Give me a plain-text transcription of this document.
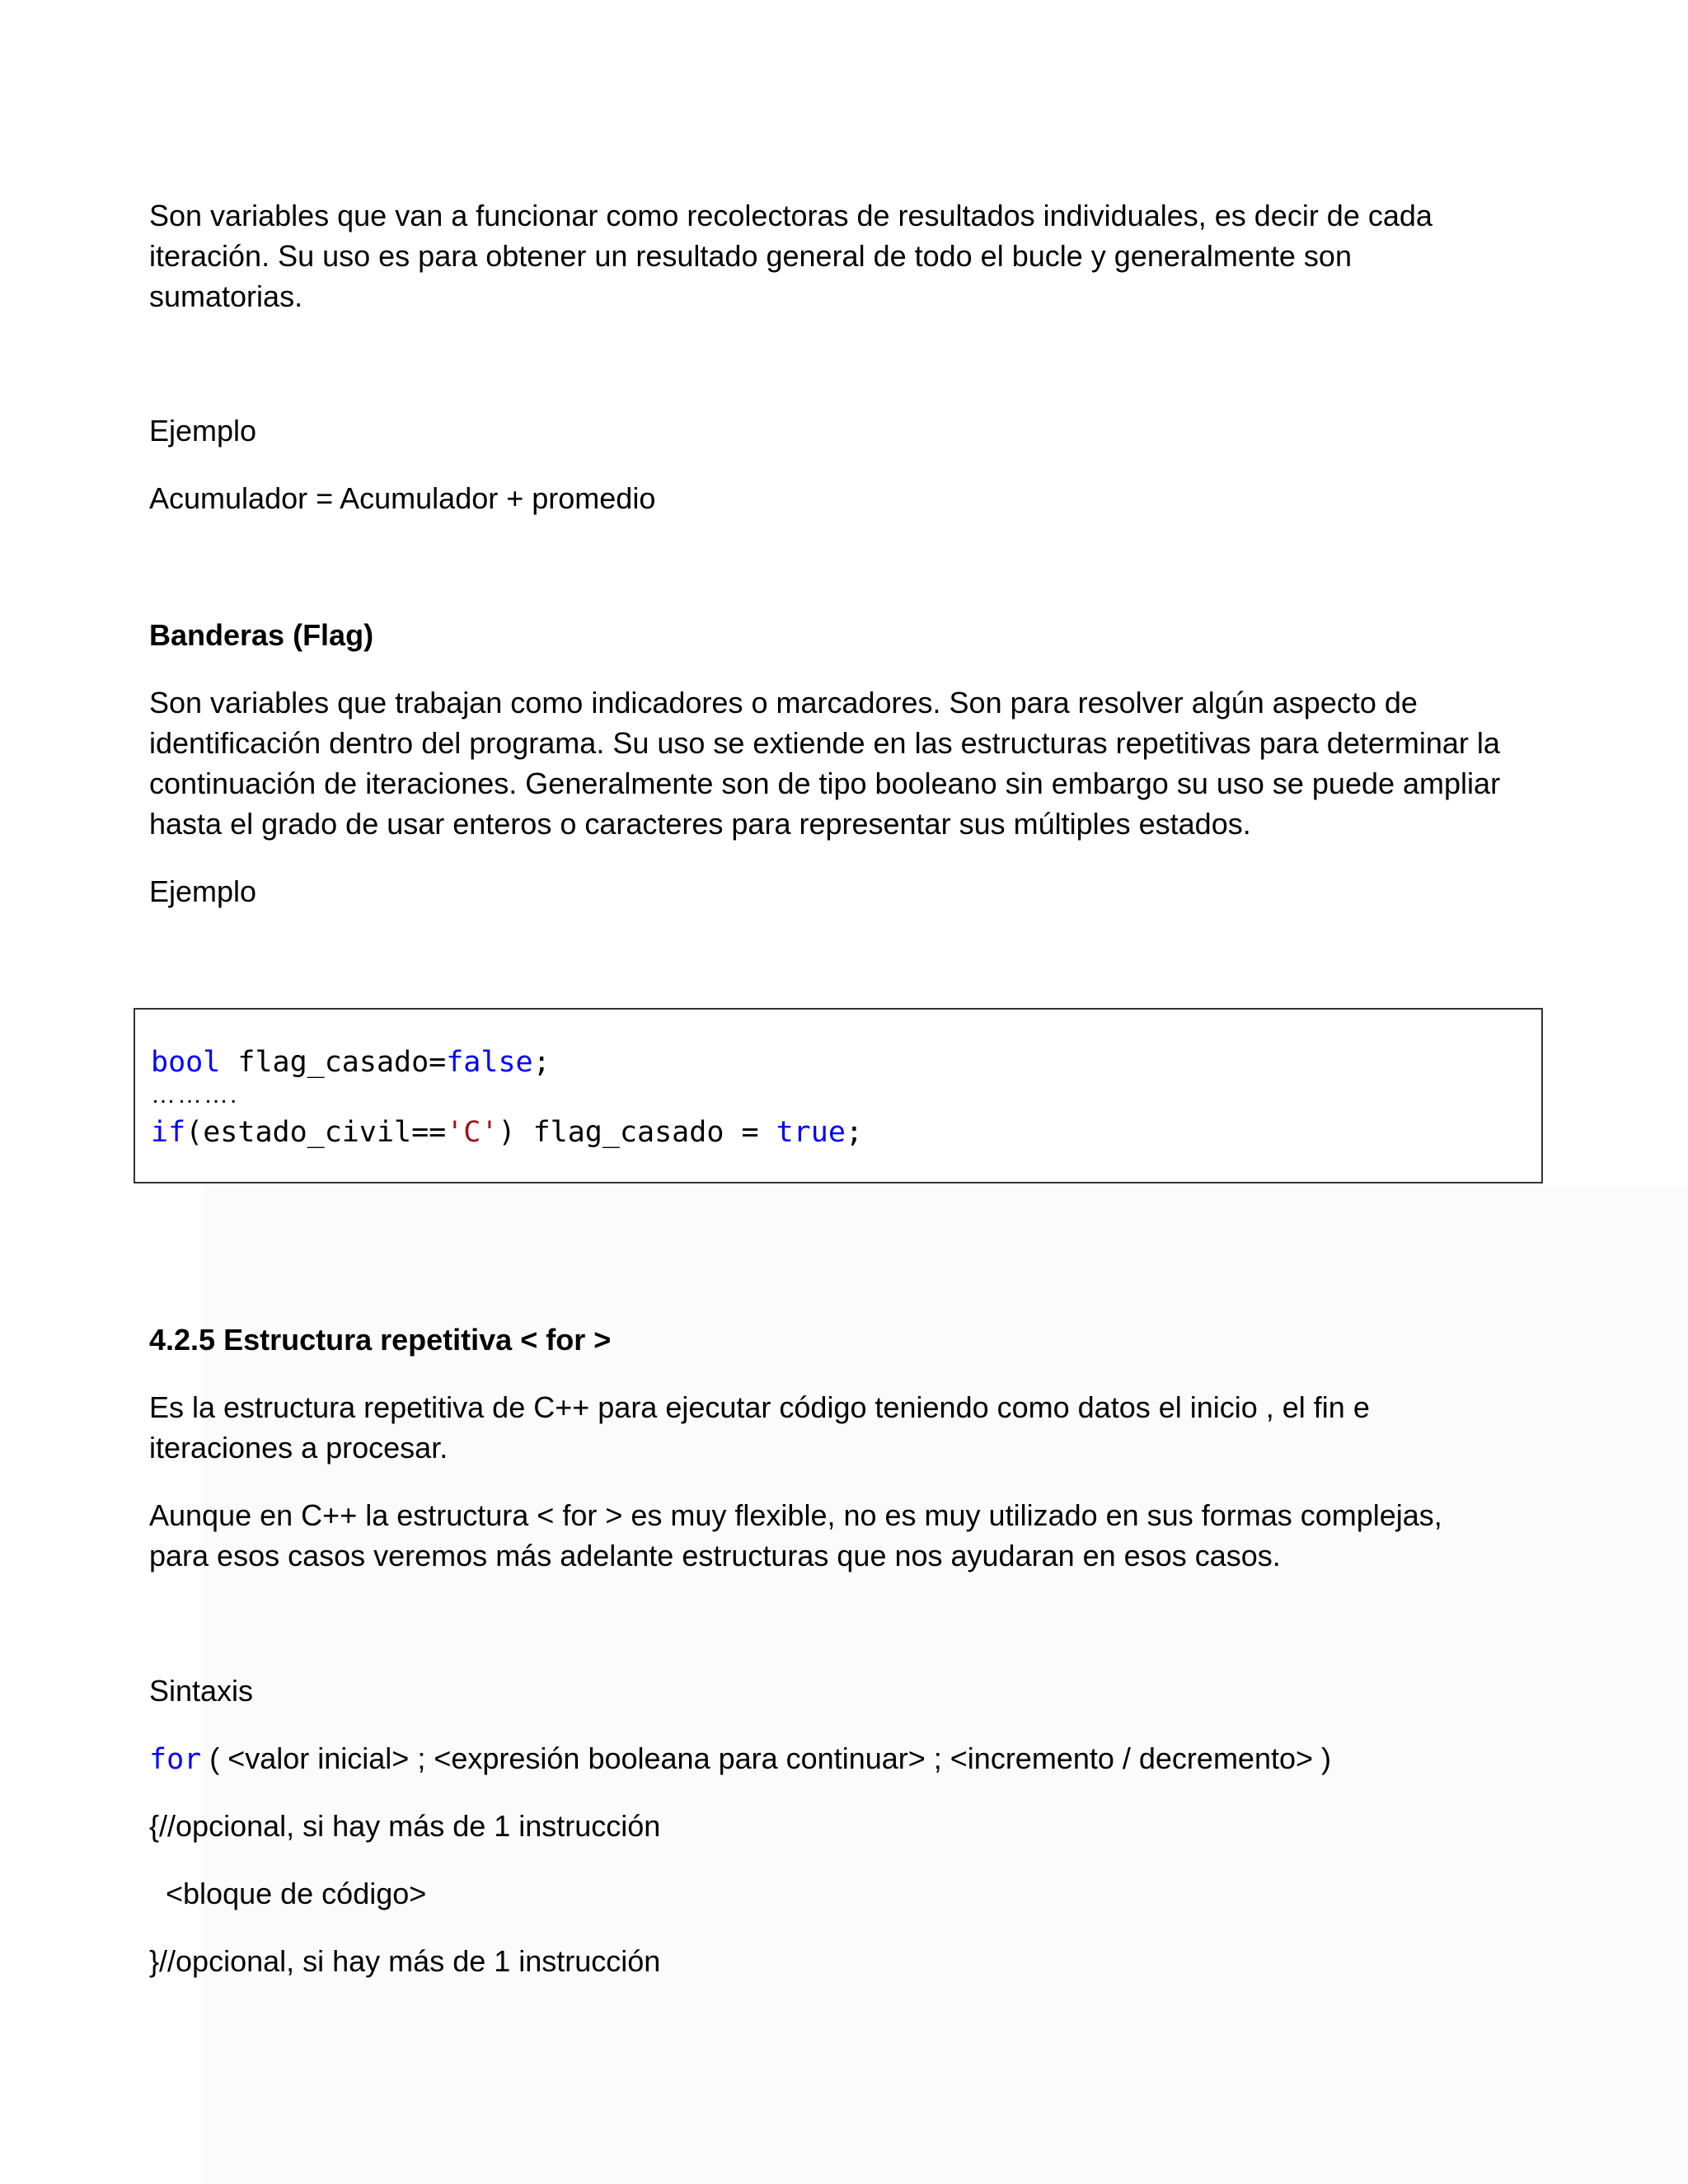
Son variables que van a funcionar como recolectoras de resultados individuales, es decir de cada

iteración. Su uso es para obtener un resultado general de todo el bucle y generalmente son

sumatorias.

Ejemplo

Acumulador = Acumulador + promedio

Banderas (Flag)

Son variables que trabajan como indicadores o marcadores. Son para resolver algún aspecto de

identificación dentro del programa. Su uso se extiende en las estructuras repetitivas para determinar la

continuación de iteraciones. Generalmente son de tipo booleano sin embargo su uso se puede ampliar

hasta el grado de usar enteros o caracteres para representar sus múltiples estados.

Ejemplo

bool flag_casado=false;

……….

if(estado_civil=='C') flag_casado = true;

4.2.5 Estructura repetitiva < for >

Es la estructura repetitiva de C++ para ejecutar código teniendo como datos el inicio , el fin e

iteraciones a procesar.

Aunque en C++ la estructura < for > es muy flexible, no es muy utilizado en sus formas complejas,

para esos casos veremos más adelante estructuras que nos ayudaran en esos casos.

Sintaxis

for ( <valor inicial> ; <expresión booleana para continuar> ; <incremento / decremento> )

{//opcional, si hay más de 1 instrucción

<bloque de código>

}//opcional, si hay más de 1 instrucción
